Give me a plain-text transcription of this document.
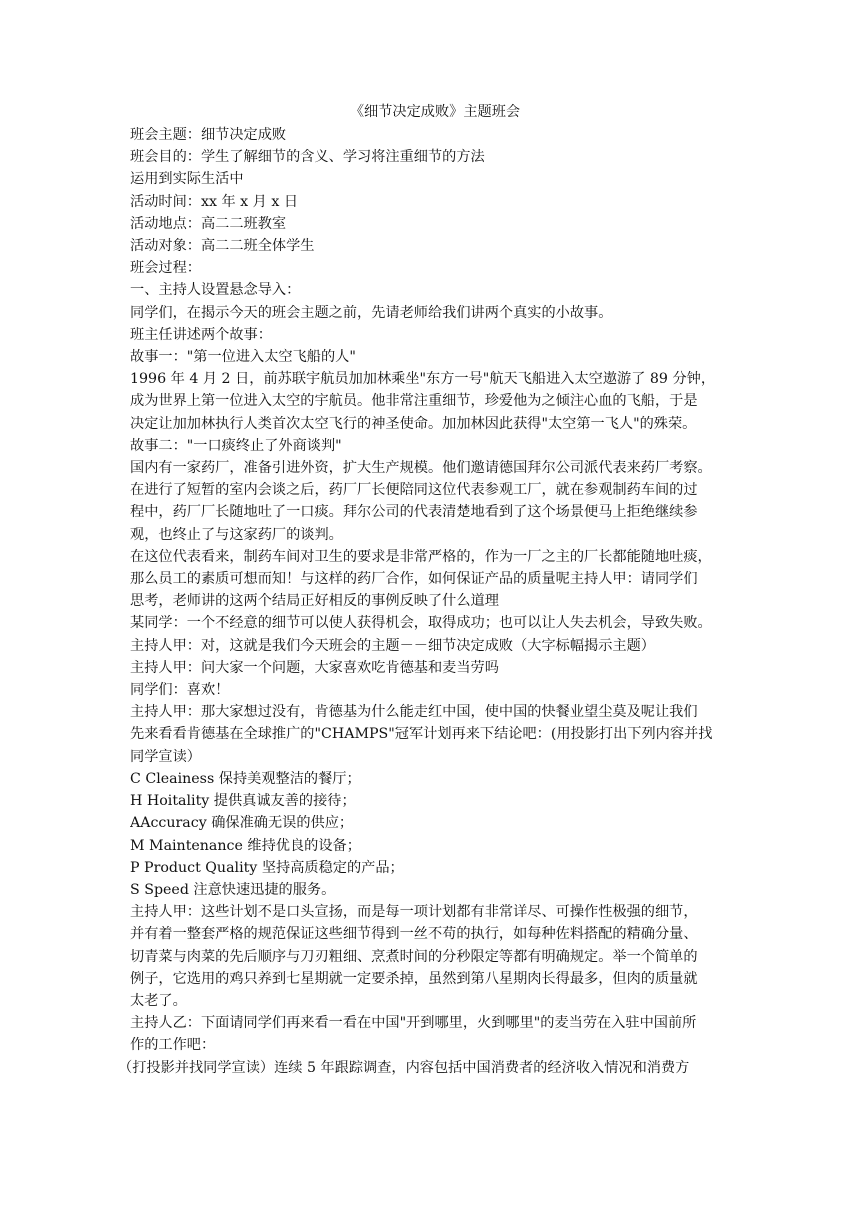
《细节决定成败》主题班会
班会主题：细节决定成败
班会目的：学生了解细节的含义、学习将注重细节的方法
运用到实际生活中
活动时间：xx 年 x 月 x 日
活动地点：高二二班教室
活动对象：高二二班全体学生
班会过程：
一、主持人设置悬念导入：
同学们，在揭示今天的班会主题之前，先请老师给我们讲两个真实的小故事。
班主任讲述两个故事：
故事一："第一位进入太空飞船的人"
1996 年 4 月 2 日，前苏联宇航员加加林乘坐"东方一号"航天飞船进入太空遨游了 89 分钟，
成为世界上第一位进入太空的宇航员。他非常注重细节，珍爱他为之倾注心血的飞船，于是
决定让加加林执行人类首次太空飞行的神圣使命。加加林因此获得"太空第一飞人"的殊荣。
故事二："一口痰终止了外商谈判"
国内有一家药厂，准备引进外资，扩大生产规模。他们邀请德国拜尔公司派代表来药厂考察。
在进行了短暂的室内会谈之后，药厂厂长便陪同这位代表参观工厂，就在参观制药车间的过
程中，药厂厂长随地吐了一口痰。拜尔公司的代表清楚地看到了这个场景便马上拒绝继续参
观，也终止了与这家药厂的谈判。
在这位代表看来，制药车间对卫生的要求是非常严格的，作为一厂之主的厂长都能随地吐痰，
那么员工的素质可想而知！与这样的药厂合作，如何保证产品的质量呢主持人甲：请同学们
思考，老师讲的这两个结局正好相反的事例反映了什么道理
某同学：一个不经意的细节可以使人获得机会，取得成功；也可以让人失去机会，导致失败。
主持人甲：对，这就是我们今天班会的主题－－细节决定成败（大字标幅揭示主题）
主持人甲：问大家一个问题，大家喜欢吃肯德基和麦当劳吗
同学们：喜欢！
主持人甲：那大家想过没有，肯德基为什么能走红中国，使中国的快餐业望尘莫及呢让我们
先来看看肯德基在全球推广的"CHAMPS"冠军计划再来下结论吧：(用投影打出下列内容并找
同学宣读）
C Cleainess 保持美观整洁的餐厅；
H Hoitality 提供真诚友善的接待；
AAccuracy 确保准确无误的供应；
M Maintenance 维持优良的设备；
P Product Quality 坚持高质稳定的产品；
S Speed 注意快速迅捷的服务。
主持人甲：这些计划不是口头宣扬，而是每一项计划都有非常详尽、可操作性极强的细节，
并有着一整套严格的规范保证这些细节得到一丝不苟的执行，如每种佐料搭配的精确分量、
切青菜与肉菜的先后顺序与刀刃粗细、烹煮时间的分秒限定等都有明确规定。举一个简单的
例子，它选用的鸡只养到七星期就一定要杀掉，虽然到第八星期肉长得最多，但肉的质量就
太老了。
主持人乙：下面请同学们再来看一看在中国"开到哪里，火到哪里"的麦当劳在入驻中国前所
作的工作吧：
（打投影并找同学宣读）连续 5 年跟踪调查，内容包括中国消费者的经济收入情况和消费方
